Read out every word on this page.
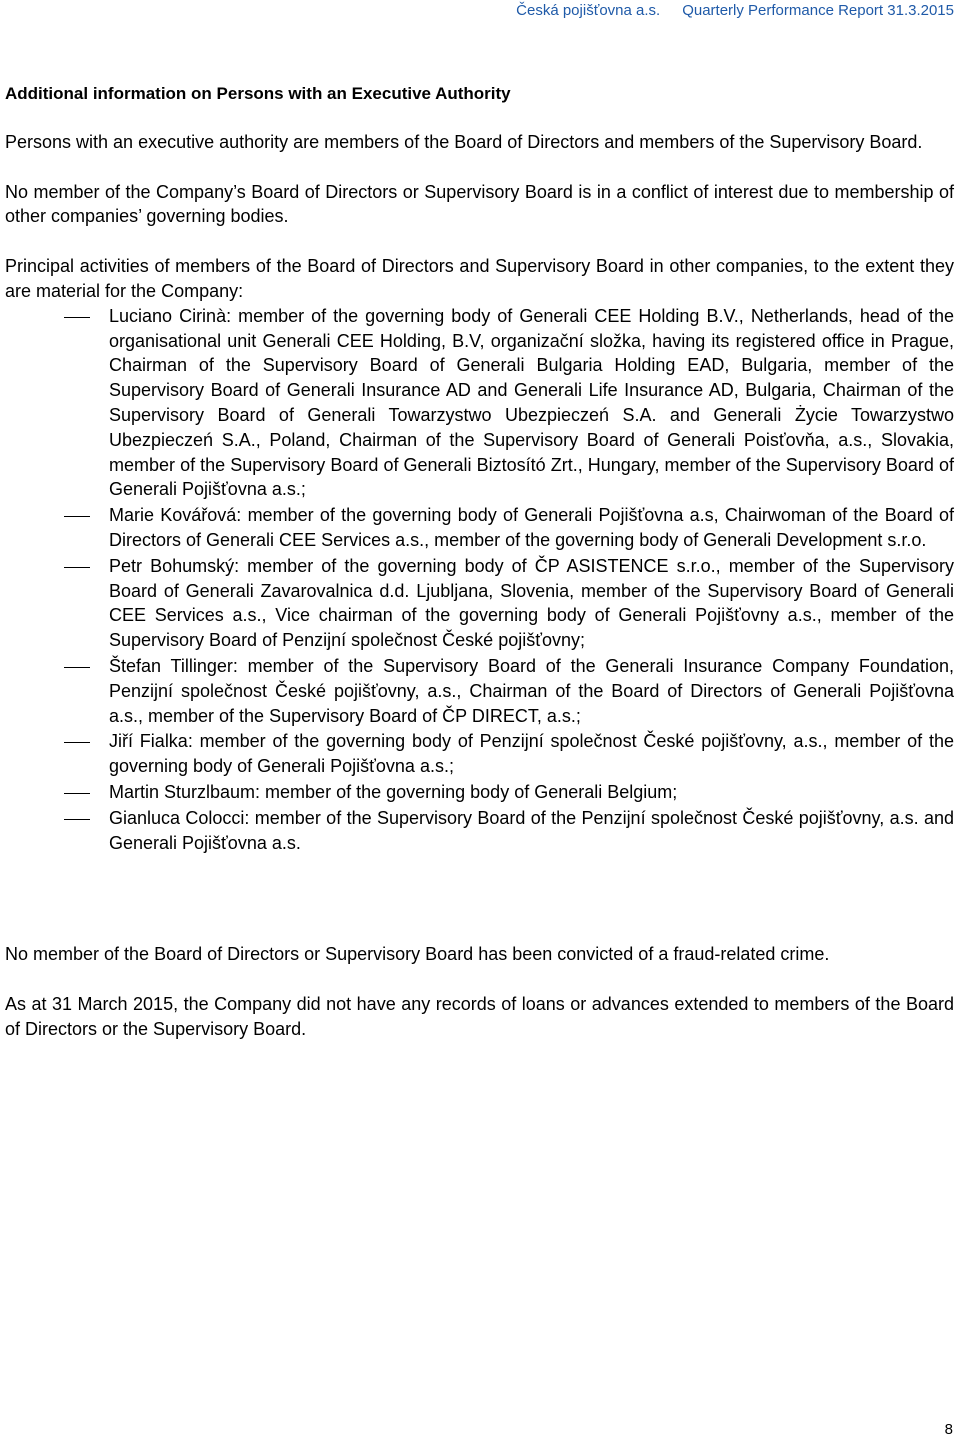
Česká pojišťovna a.s. Quarterly Performance Report 31.3.2015
Additional information on Persons with an Executive Authority

Persons with an executive authority are members of the Board of Directors and members of the Supervisory Board.

No member of the Company’s Board of Directors or Supervisory Board is in a conflict of interest due to membership of other companies’ governing bodies.

Principal activities of members of the Board of Directors and Supervisory Board in other companies, to the extent they are material for the Company:

Luciano Cirinà: member of the governing body of Generali CEE Holding B.V., Netherlands, head of the organisational unit Generali CEE Holding, B.V, organizační složka, having its registered office in Prague, Chairman of the Supervisory Board of Generali Bulgaria Holding EAD, Bulgaria, member of the Supervisory Board of Generali Insurance AD and Generali Life Insurance AD, Bulgaria, Chairman of the Supervisory Board of Generali Towarzystwo Ubezpieczeń S.A. and Generali Życie Towarzystwo Ubezpieczeń S.A., Poland, Chairman of the Supervisory Board of Generali Poisťovňa, a.s., Slovakia, member of the Supervisory Board of Generali Biztosító Zrt., Hungary, member of the Supervisory Board of Generali Pojišťovna a.s.;
Marie Kovářová: member of the governing body of Generali Pojišťovna a.s, Chairwoman of the Board of Directors of Generali CEE Services a.s., member of the governing body of Generali Development s.r.o.
Petr Bohumský: member of the governing body of ČP ASISTENCE s.r.o., member of the Supervisory Board of Generali Zavarovalnica d.d. Ljubljana, Slovenia, member of the Supervisory Board of Generali CEE Services a.s., Vice chairman of the governing body of Generali Pojišťovny a.s., member of the Supervisory Board of Penzijní společnost České pojišťovny;
Štefan Tillinger: member of the Supervisory Board of the Generali Insurance Company Foundation, Penzijní společnost České pojišťovny, a.s., Chairman of the Board of Directors of Generali Pojišťovna a.s., member of the Supervisory Board of ČP DIRECT, a.s.;
Jiří Fialka: member of the governing body of Penzijní společnost České pojišťovny, a.s., member of the governing body of Generali Pojišťovna a.s.;
Martin Sturzlbaum: member of the governing body of Generali Belgium;
Gianluca Colocci: member of the Supervisory Board of the Penzijní společnost České pojišťovny, a.s. and Generali Pojišťovna a.s.

No member of the Board of Directors or Supervisory Board has been convicted of a fraud-related crime.

As at 31 March 2015, the Company did not have any records of loans or advances extended to members of the Board of Directors or the Supervisory Board.

8
